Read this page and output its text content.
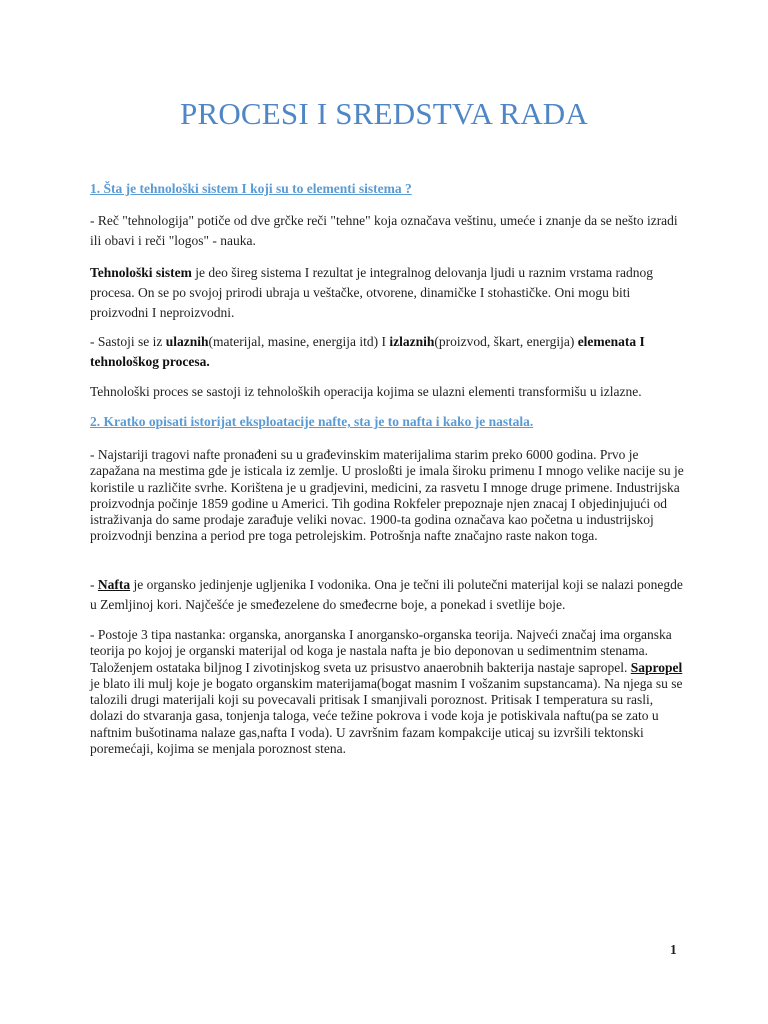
PROCESI I SREDSTVA RADA

1. Šta je tehnološki sistem I koji su to elementi sistema ?

- Reč "tehnologija" potiče od dve grčke reči "tehne" koja označava veštinu, umeće i znanje da se nešto izradi ili obavi i reči "logos" - nauka.

Tehnološki sistem je deo šireg sistema I rezultat je integralnog delovanja ljudi u raznim vrstama radnog procesa. On se po svojoj prirodi ubraja u veštačke, otvorene, dinamičke I stohastičke. Oni mogu biti proizvodni I neproizvodni.

- Sastoji se iz ulaznih(materijal, masine, energija itd) I izlaznih(proizvod, škart, energija) elemenata I tehnološkog procesa.

Tehnološki proces se sastoji iz tehnoloških operacija kojima se ulazni elementi transformišu u izlazne.

2. Kratko opisati istorijat eksploatacije nafte, sta je to nafta i kako je nastala.

- Najstariji tragovi nafte pronađeni su u građevinskim materijalima starim preko 6000 godina. Prvo je zapažana na mestima gde je isticala iz zemlje. U prosloßti je imala široku primenu I mnogo velike nacije su je koristile u različite svrhe. Korištena je u gradjevini, medicini, za rasvetu I mnoge druge primene. Industrijska proizvodnja počinje 1859 godine u Americi. Tih godina Rokfeler prepoznaje njen znacaj I objedinjujući od istraživanja do same prodaje zarađuje veliki novac. 1900-ta godina označava kao početna u industrijskoj proizvodnji benzina a period pre toga petrolejskim. Potrošnja nafte značajno raste nakon toga.

- Nafta je organsko jedinjenje ugljenika I vodonika. Ona je tečni ili polutečni materijal koji se nalazi ponegde u Zemljinoj kori. Najčešće je smeđezelene do smeđecrne boje, a ponekad i svetlije boje.

- Postoje 3 tipa nastanka: organska, anorganska I anorgansko-organska teorija. Najveći značaj ima organska teorija po kojoj je organski materijal od koga je nastala nafta je bio deponovan u sedimentnim stenama. Taloženjem ostataka biljnog I zivotinjskog sveta uz prisustvo anaerobnih bakterija nastaje sapropel. Sapropel je blato ili mulj koje je bogato organskim materijama(bogat masnim I vošzanim supstancama). Na njega su se talozili drugi materijali koji su povecavali pritisak I smanjivali poroznost. Pritisak I temperatura su rasli, dolazi do stvaranja gasa, tonjenja taloga, veće težine pokrova i vode koja je potiskivala naftu(pa se zato u naftnim bušotinama nalaze gas,nafta I voda). U završnim fazam kompakcije uticaj su izvršili tektonski poremećaji, kojima se menjala poroznost stena.

1
